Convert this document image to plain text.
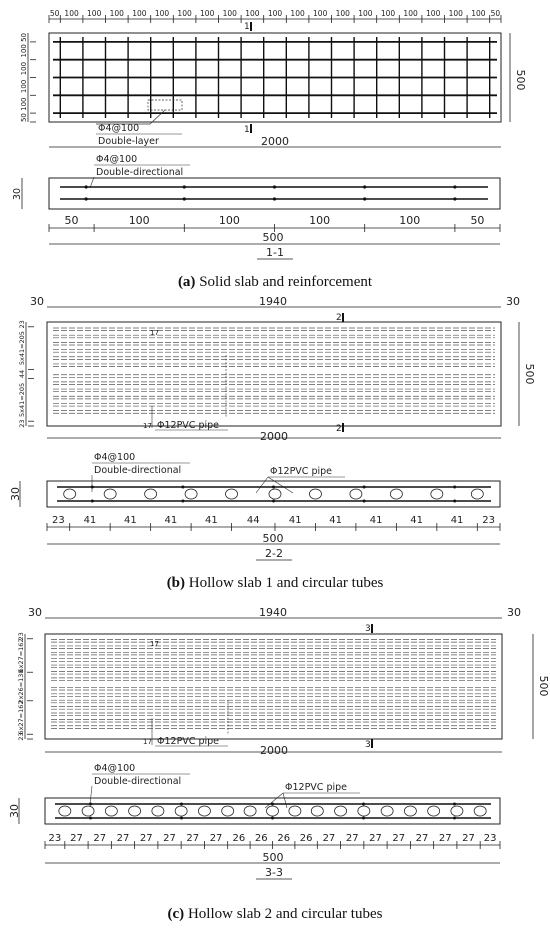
50 100 100 100 100 100 100 100 100 100 100 100 100 100 100 100 100 100 100 100 50
50
100
100
100
100
50
1
1
500
Φ4@100
Double-layer	2000
Φ4@100
Double-directional
30
50	100	100	100	100	50
500
1-1
(a) Solid slab and reinforcement
30	1940	30
2
2
17
23
5x41=205
44
5x41=205
23
500
17 Φ12PVC pipe
2000
Φ4@100
Double-directional	Φ12PVC pipe
30
23 41	41	41	41	44	41	41	41	41	41 23
500
2-2
(b) Hollow slab 1 and circular tubes
30	1940	30
3
3
17
23
6x27=162
2x26=138
6x27=162
23
500
17 Φ12PVC pipe
2000
Φ4@100
Double-directional
Φ12PVC pipe
30
23 27 27 27 27 27 27 27 26 26 26 26 27 27 27 27 27 27 27 23
500
3-3
(c) Hollow slab 2 and circular tubes
